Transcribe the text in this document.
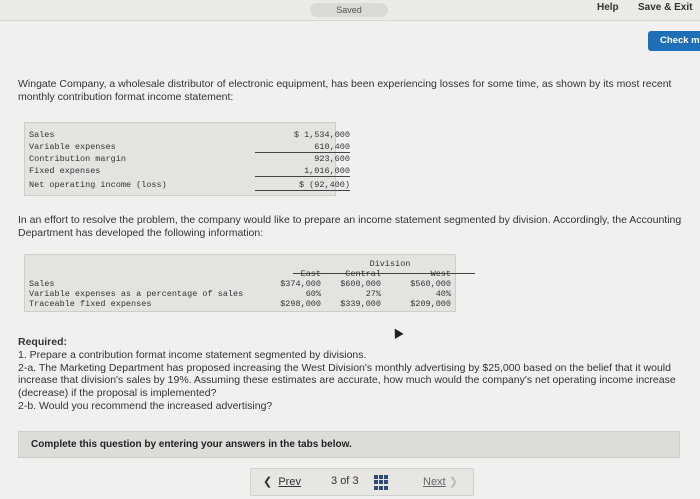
Saved	Help Save & Exit
Check m
Wingate Company, a wholesale distributor of electronic equipment, has been experiencing losses for some time, as shown by its most recent monthly contribution format income statement:
Sales	$ 1,534,000
Variable expenses	610,400
Contribution margin	923,600
Fixed expenses	1,016,000
Net operating income (loss)	$ (92,400)
In an effort to resolve the problem, the company would like to prepare an income statement segmented by division. Accordingly, the Accounting Department has developed the following information:
Division
East	Central	West
Sales	$374,000	$600,000	$560,000
Variable expenses as a percentage of sales	60%	27%	40%
Traceable fixed expenses	$298,000	$339,000	$209,000
Required:
1. Prepare a contribution format income statement segmented by divisions.
2-a. The Marketing Department has proposed increasing the West Division's monthly advertising by $25,000 based on the belief that it would increase that division's sales by 19%. Assuming these estimates are accurate, how much would the company's net operating income increase (decrease) if the proposal is implemented?
2-b. Would you recommend the increased advertising?
Complete this question by entering your answers in the tabs below.
❮ Prev	3 of 3	Next ❯
